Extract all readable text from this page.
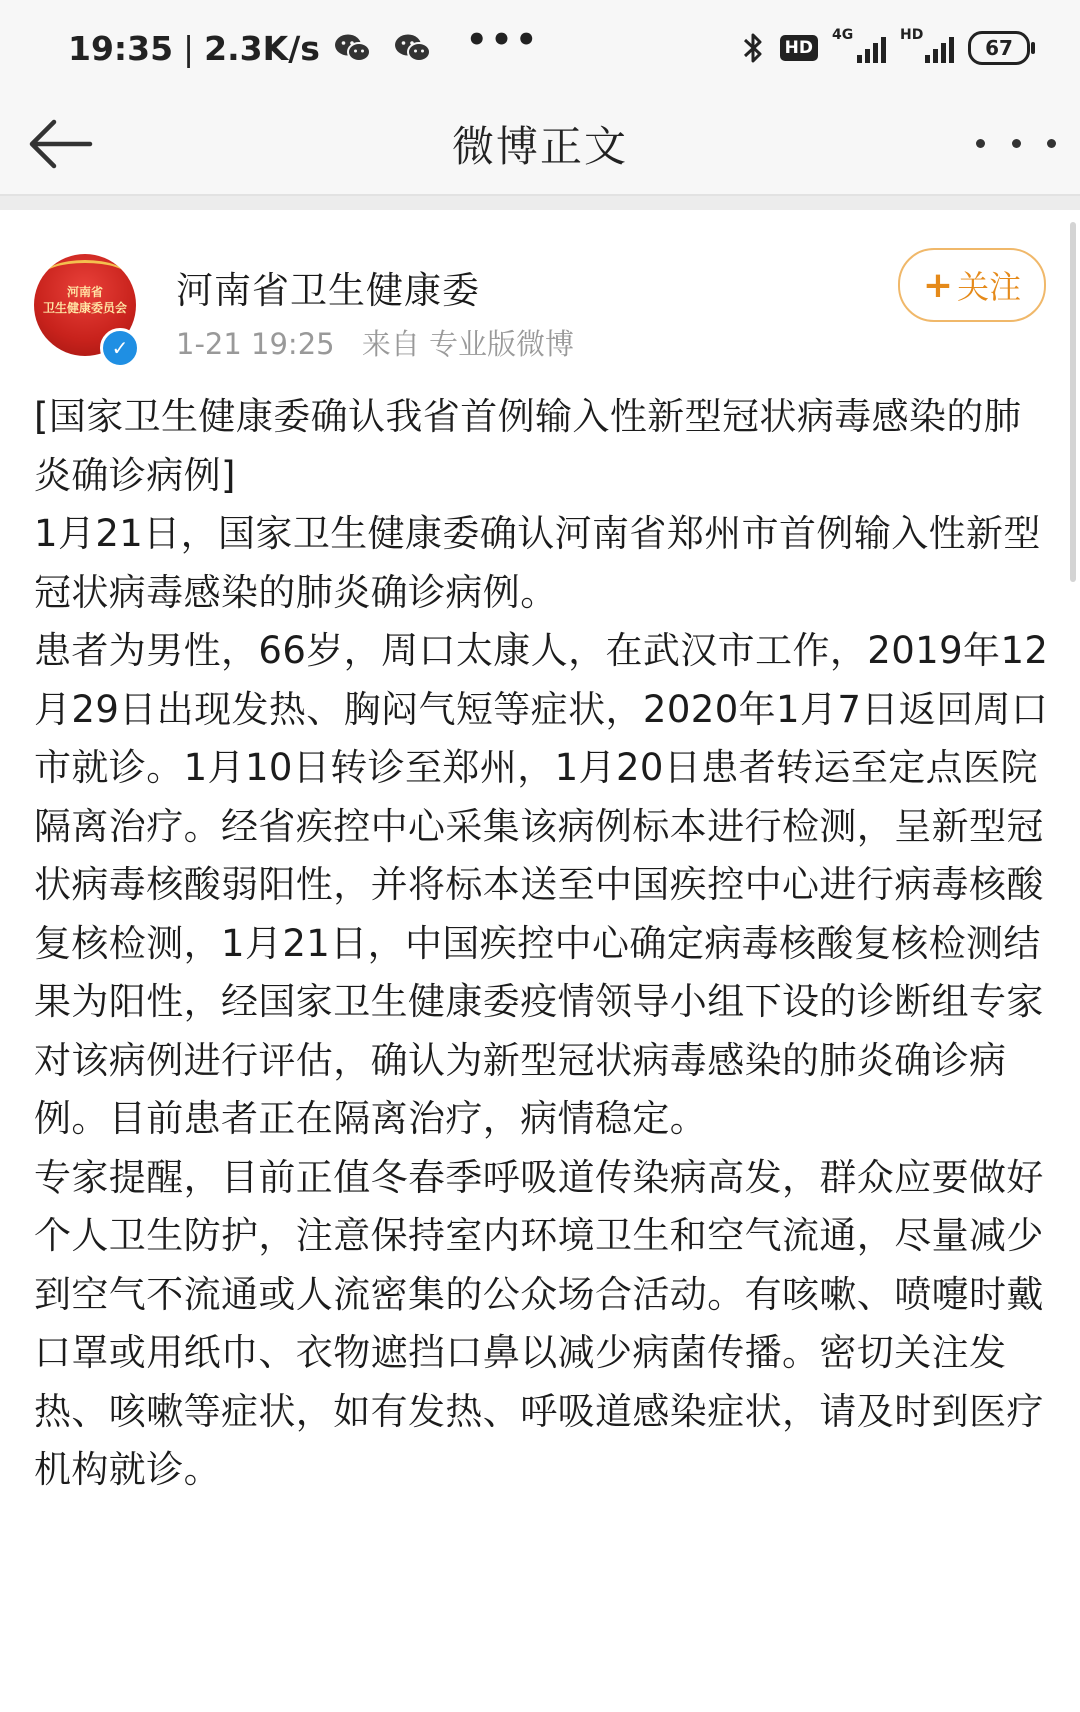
19:35 | 2.3K/s	•••	HD
4G	HD
67
微博正文
河南省
卫生健康委员会
✓
河南省卫生健康委
1-21 19:25 来自 专业版微博
+ 关注

[国家卫生健康委确认我省首例输入性新型冠状病毒感染的肺炎确诊病例]

1月21日，国家卫生健康委确认河南省郑州市首例输入性新型冠状病毒感染的肺炎确诊病例。

患者为男性，66岁，周口太康人，在武汉市工作，2019年12月29日出现发热、胸闷气短等症状，2020年1月7日返回周口市就诊。1月10日转诊至郑州，1月20日患者转运至定点医院隔离治疗。经省疾控中心采集该病例标本进行检测，呈新型冠状病毒核酸弱阳性，并将标本送至中国疾控中心进行病毒核酸复核检测，1月21日，中国疾控中心确定病毒核酸复核检测结果为阳性，经国家卫生健康委疫情领导小组下设的诊断组专家对该病例进行评估，确认为新型冠状病毒感染的肺炎确诊病例。目前患者正在隔离治疗，病情稳定。

专家提醒，目前正值冬春季呼吸道传染病高发，群众应要做好个人卫生防护，注意保持室内环境卫生和空气流通，尽量减少到空气不流通或人流密集的公众场合活动。有咳嗽、喷嚏时戴口罩或用纸巾、衣物遮挡口鼻以减少病菌传播。密切关注发热、咳嗽等症状，如有发热、呼吸道感染症状，请及时到医疗机构就诊。
